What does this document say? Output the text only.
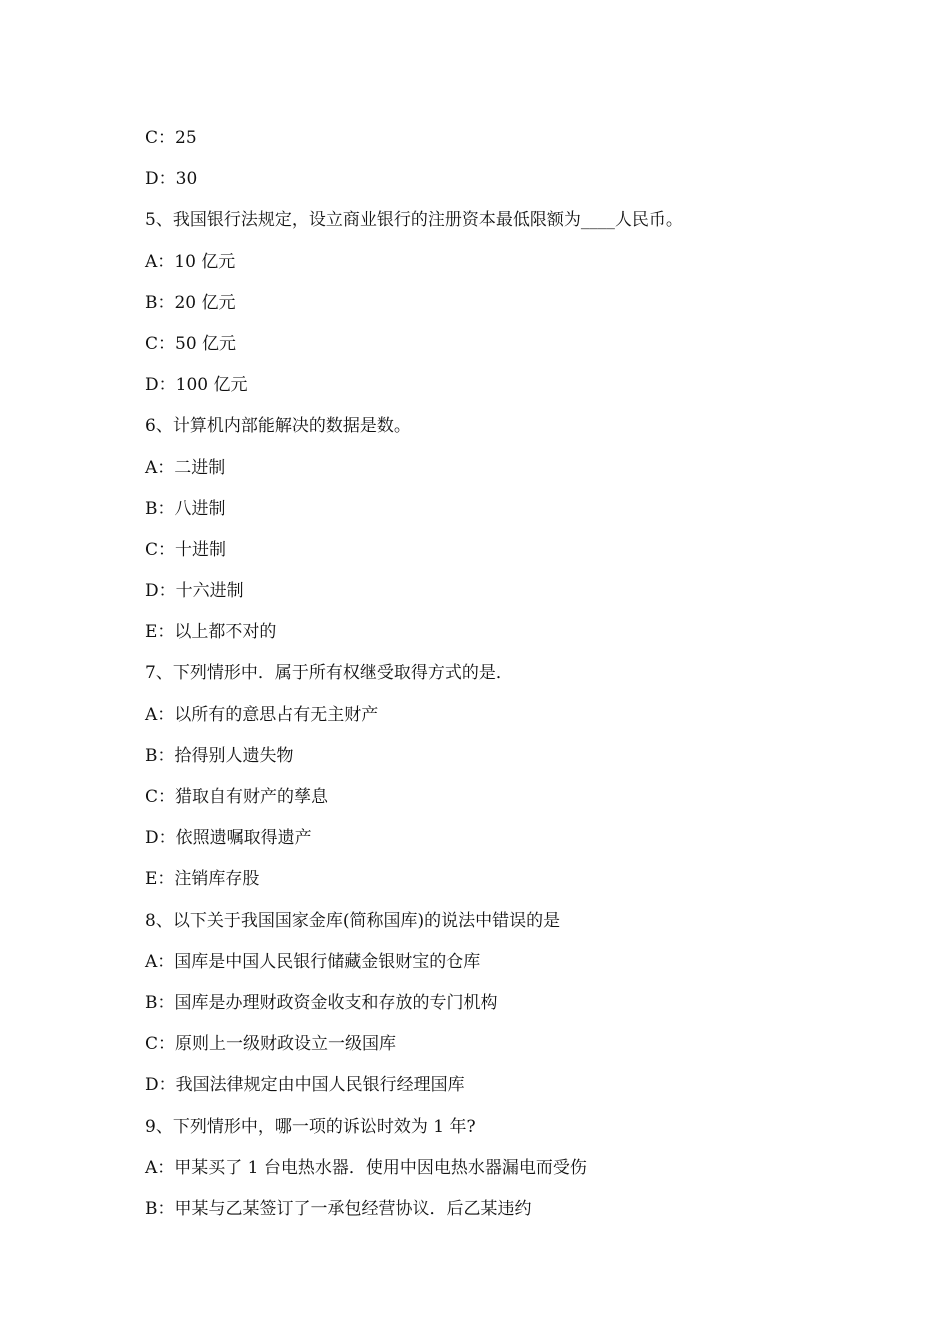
C：25
D：30
5、我国银行法规定，设立商业银行的注册资本最低限额为____人民币。
A：10 亿元
B：20 亿元
C：50 亿元
D：100 亿元
6、计算机内部能解决的数据是数。
A：二进制
B：八进制
C：十进制
D：十六进制
E：以上都不对的
7、下列情形中．属于所有权继受取得方式的是．
A：以所有的意思占有无主财产
B：拾得别人遗失物
C：猎取自有财产的孳息
D：依照遗嘱取得遗产
E：注销库存股
8、以下关于我国国家金库(简称国库)的说法中错误的是
A：国库是中国人民银行储藏金银财宝的仓库
B：国库是办理财政资金收支和存放的专门机构
C：原则上一级财政设立一级国库
D：我国法律规定由中国人民银行经理国库
9、下列情形中，哪一项的诉讼时效为 1 年?
A：甲某买了 1 台电热水器．使用中因电热水器漏电而受伤
B：甲某与乙某签订了一承包经营协议．后乙某违约
